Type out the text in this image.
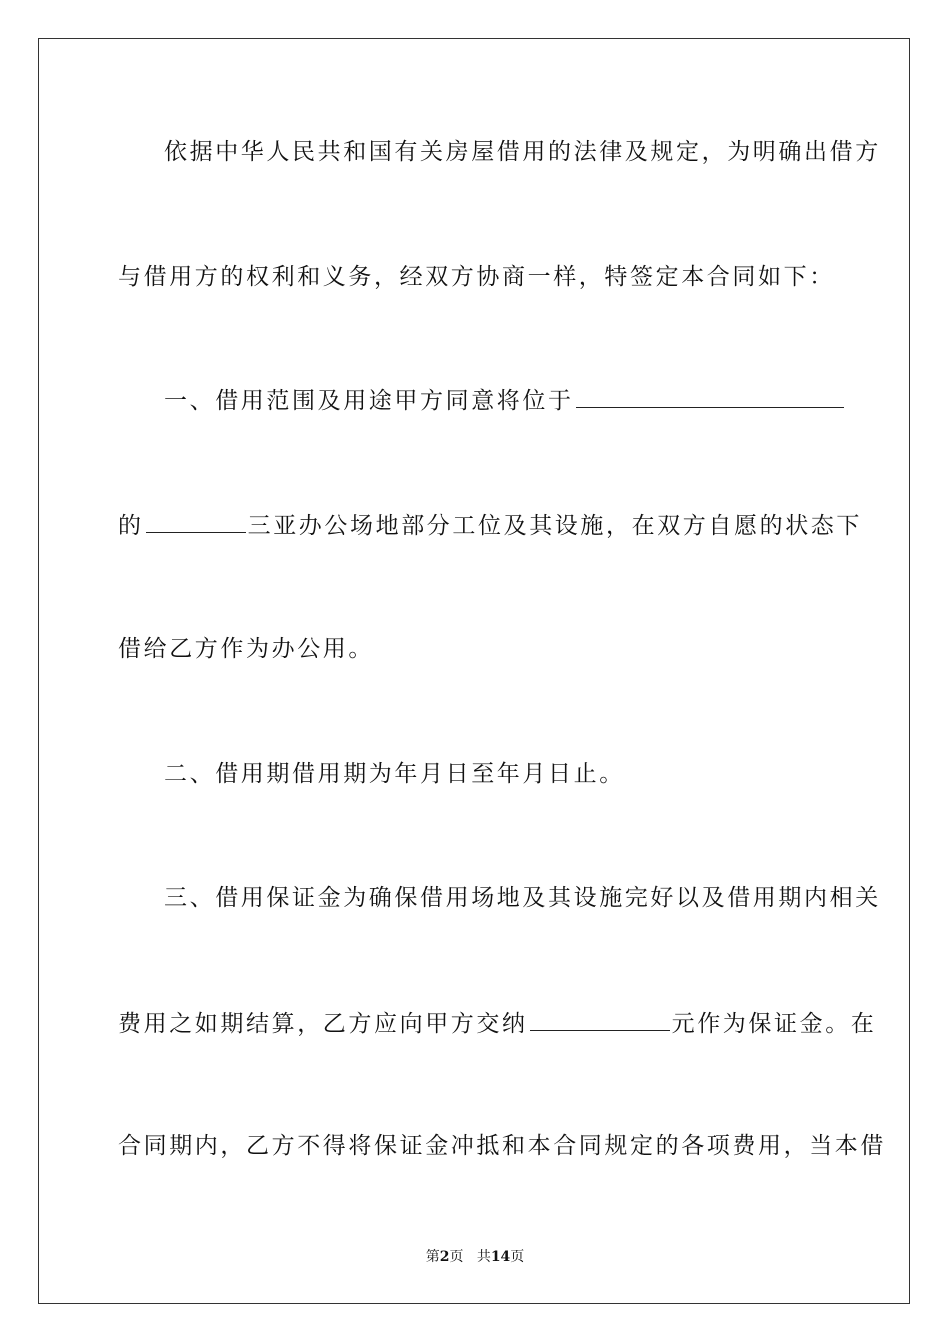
依据中华人民共和国有关房屋借用的法律及规定，为明确出借方
与借用方的权利和义务，经双方协商一样，特签定本合同如下：
一、借用范围及用途甲方同意将位于
的	三亚办公场地部分工位及其设施，在双方自愿的状态下
借给乙方作为办公用。
二、借用期借用期为年月日至年月日止。
三、借用保证金为确保借用场地及其设施完好以及借用期内相关
费用之如期结算，乙方应向甲方交纳	元作为保证金。在
合同期内，乙方不得将保证金冲抵和本合同规定的各项费用，当本借
第2页 共14页
